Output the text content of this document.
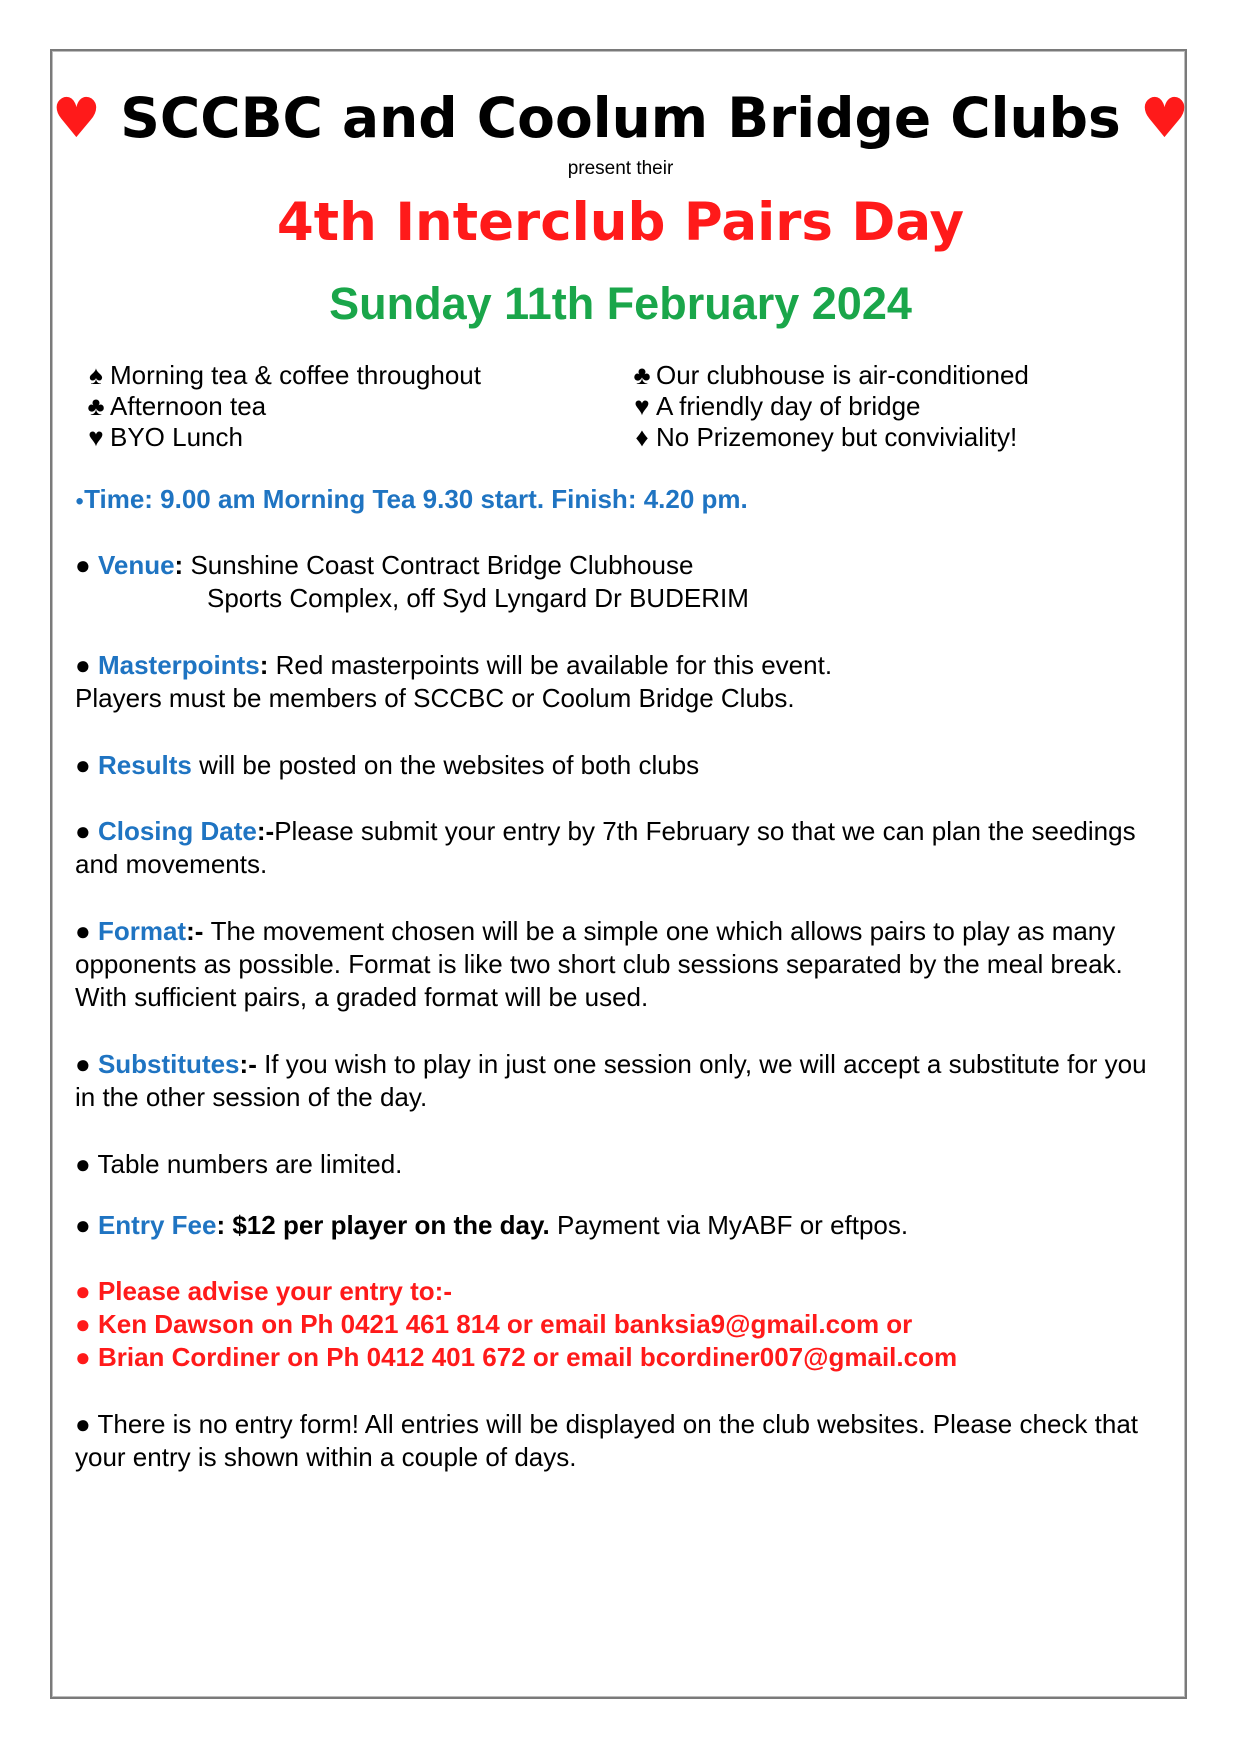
♥ SCCBC and Coolum Bridge Clubs ♥
present their
4th Interclub Pairs Day
Sunday 11th February 2024
♠ Morning tea & coffee throughout
♣ Afternoon tea
♥ BYO Lunch
♣ Our clubhouse is air-conditioned
♥ A friendly day of bridge
♦ No Prizemoney but conviviality!
●Time: 9.00 am Morning Tea 9.30 start. Finish: 4.20 pm.
● Venue: Sunshine Coast Contract Bridge Clubhouse
Sports Complex, off Syd Lyngard Dr BUDERIM
● Masterpoints: Red masterpoints will be available for this event.
Players must be members of SCCBC or Coolum Bridge Clubs.
● Results will be posted on the websites of both clubs
● Closing Date:-Please submit your entry by 7th February so that we can plan the seedings and movements.
● Format:- The movement chosen will be a simple one which allows pairs to play as many opponents as possible. Format is like two short club sessions separated by the meal break. With sufficient pairs, a graded format will be used.
● Substitutes:- If you wish to play in just one session only, we will accept a substitute for you in the other session of the day.
● Table numbers are limited.
● Entry Fee: $12 per player on the day. Payment via MyABF or eftpos.
● Please advise your entry to:-
● Ken Dawson on Ph 0421 461 814 or email banksia9@gmail.com or
● Brian Cordiner on Ph 0412 401 672 or email bcordiner007@gmail.com
● There is no entry form! All entries will be displayed on the club websites. Please check that your entry is shown within a couple of days.
